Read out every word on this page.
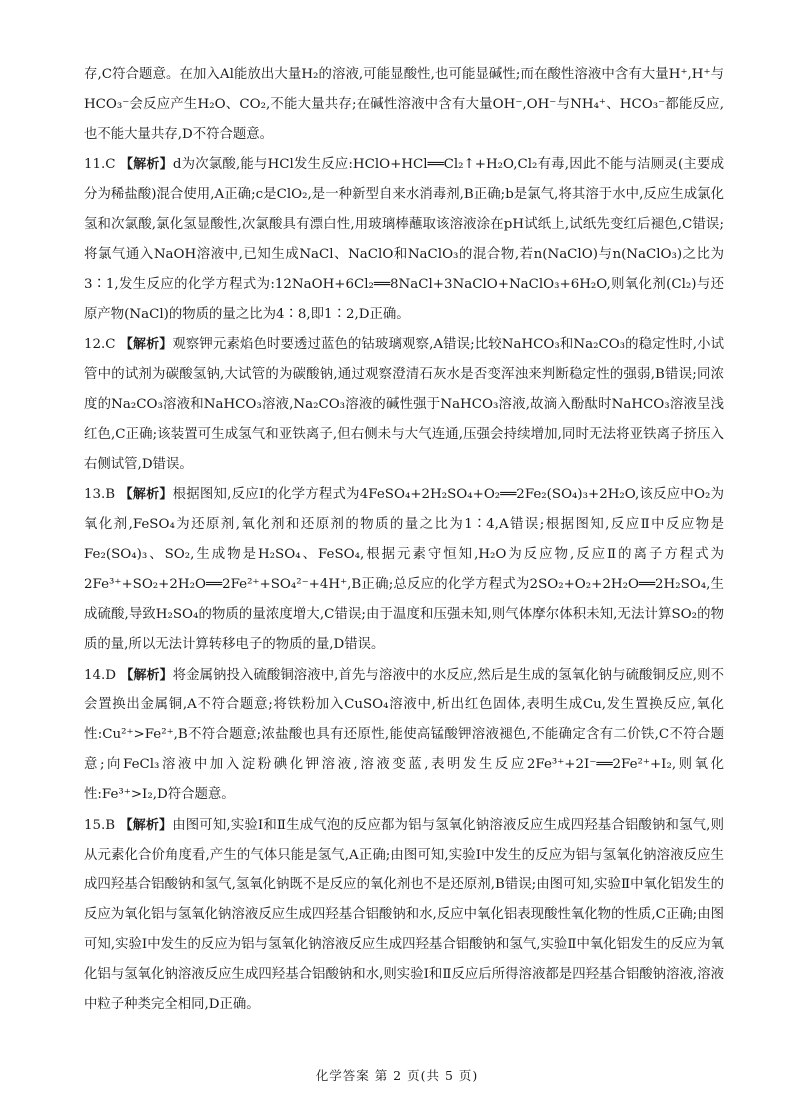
存,C符合题意。在加入Al能放出大量H₂的溶液,可能显酸性,也可能显碱性;而在酸性溶液中含有大量H⁺,H⁺与HCO₃⁻会反应产生H₂O、CO₂,不能大量共存;在碱性溶液中含有大量OH⁻,OH⁻与NH₄⁺、HCO₃⁻都能反应,也不能大量共存,D不符合题意。

11.C 【解析】d为次氯酸,能与HCl发生反应:HClO+HCl══Cl₂↑+H₂O,Cl₂有毒,因此不能与洁厕灵(主要成分为稀盐酸)混合使用,A正确;c是ClO₂,是一种新型自来水消毒剂,B正确;b是氯气,将其溶于水中,反应生成氯化氢和次氯酸,氯化氢显酸性,次氯酸具有漂白性,用玻璃棒蘸取该溶液涂在pH试纸上,试纸先变红后褪色,C错误;将氯气通入NaOH溶液中,已知生成NaCl、NaClO和NaClO₃的混合物,若n(NaClO)与n(NaClO₃)之比为3∶1,发生反应的化学方程式为:12NaOH+6Cl₂══8NaCl+3NaClO+NaClO₃+6H₂O,则氧化剂(Cl₂)与还原产物(NaCl)的物质的量之比为4∶8,即1∶2,D正确。

12.C 【解析】观察钾元素焰色时要透过蓝色的钴玻璃观察,A错误;比较NaHCO₃和Na₂CO₃的稳定性时,小试管中的试剂为碳酸氢钠,大试管的为碳酸钠,通过观察澄清石灰水是否变浑浊来判断稳定性的强弱,B错误;同浓度的Na₂CO₃溶液和NaHCO₃溶液,Na₂CO₃溶液的碱性强于NaHCO₃溶液,故滴入酚酞时NaHCO₃溶液呈浅红色,C正确;该装置可生成氢气和亚铁离子,但右侧未与大气连通,压强会持续增加,同时无法将亚铁离子挤压入右侧试管,D错误。

13.B 【解析】根据图知,反应Ⅰ的化学方程式为4FeSO₄+2H₂SO₄+O₂══2Fe₂(SO₄)₃+2H₂O,该反应中O₂为氧化剂,FeSO₄为还原剂,氧化剂和还原剂的物质的量之比为1∶4,A错误;根据图知,反应Ⅱ中反应物是Fe₂(SO₄)₃、SO₂,生成物是H₂SO₄、FeSO₄,根据元素守恒知,H₂O为反应物,反应Ⅱ的离子方程式为2Fe³⁺+SO₂+2H₂O══2Fe²⁺+SO₄²⁻+4H⁺,B正确;总反应的化学方程式为2SO₂+O₂+2H₂O══2H₂SO₄,生成硫酸,导致H₂SO₄的物质的量浓度增大,C错误;由于温度和压强未知,则气体摩尔体积未知,无法计算SO₂的物质的量,所以无法计算转移电子的物质的量,D错误。

14.D 【解析】将金属钠投入硫酸铜溶液中,首先与溶液中的水反应,然后是生成的氢氧化钠与硫酸铜反应,则不会置换出金属铜,A不符合题意;将铁粉加入CuSO₄溶液中,析出红色固体,表明生成Cu,发生置换反应,氧化性:Cu²⁺>Fe²⁺,B不符合题意;浓盐酸也具有还原性,能使高锰酸钾溶液褪色,不能确定含有二价铁,C不符合题意;向FeCl₃溶液中加入淀粉碘化钾溶液,溶液变蓝,表明发生反应2Fe³⁺+2I⁻══2Fe²⁺+I₂,则氧化性:Fe³⁺>I₂,D符合题意。

15.B 【解析】由图可知,实验Ⅰ和Ⅱ生成气泡的反应都为铝与氢氧化钠溶液反应生成四羟基合铝酸钠和氢气,则从元素化合价角度看,产生的气体只能是氢气,A正确;由图可知,实验Ⅰ中发生的反应为铝与氢氧化钠溶液反应生成四羟基合铝酸钠和氢气,氢氧化钠既不是反应的氧化剂也不是还原剂,B错误;由图可知,实验Ⅱ中氧化铝发生的反应为氧化铝与氢氧化钠溶液反应生成四羟基合铝酸钠和水,反应中氧化铝表现酸性氧化物的性质,C正确;由图可知,实验Ⅰ中发生的反应为铝与氢氧化钠溶液反应生成四羟基合铝酸钠和氢气,实验Ⅱ中氧化铝发生的反应为氧化铝与氢氧化钠溶液反应生成四羟基合铝酸钠和水,则实验Ⅰ和Ⅱ反应后所得溶液都是四羟基合铝酸钠溶液,溶液中粒子种类完全相同,D正确。

化学答案 第 2 页(共 5 页)
